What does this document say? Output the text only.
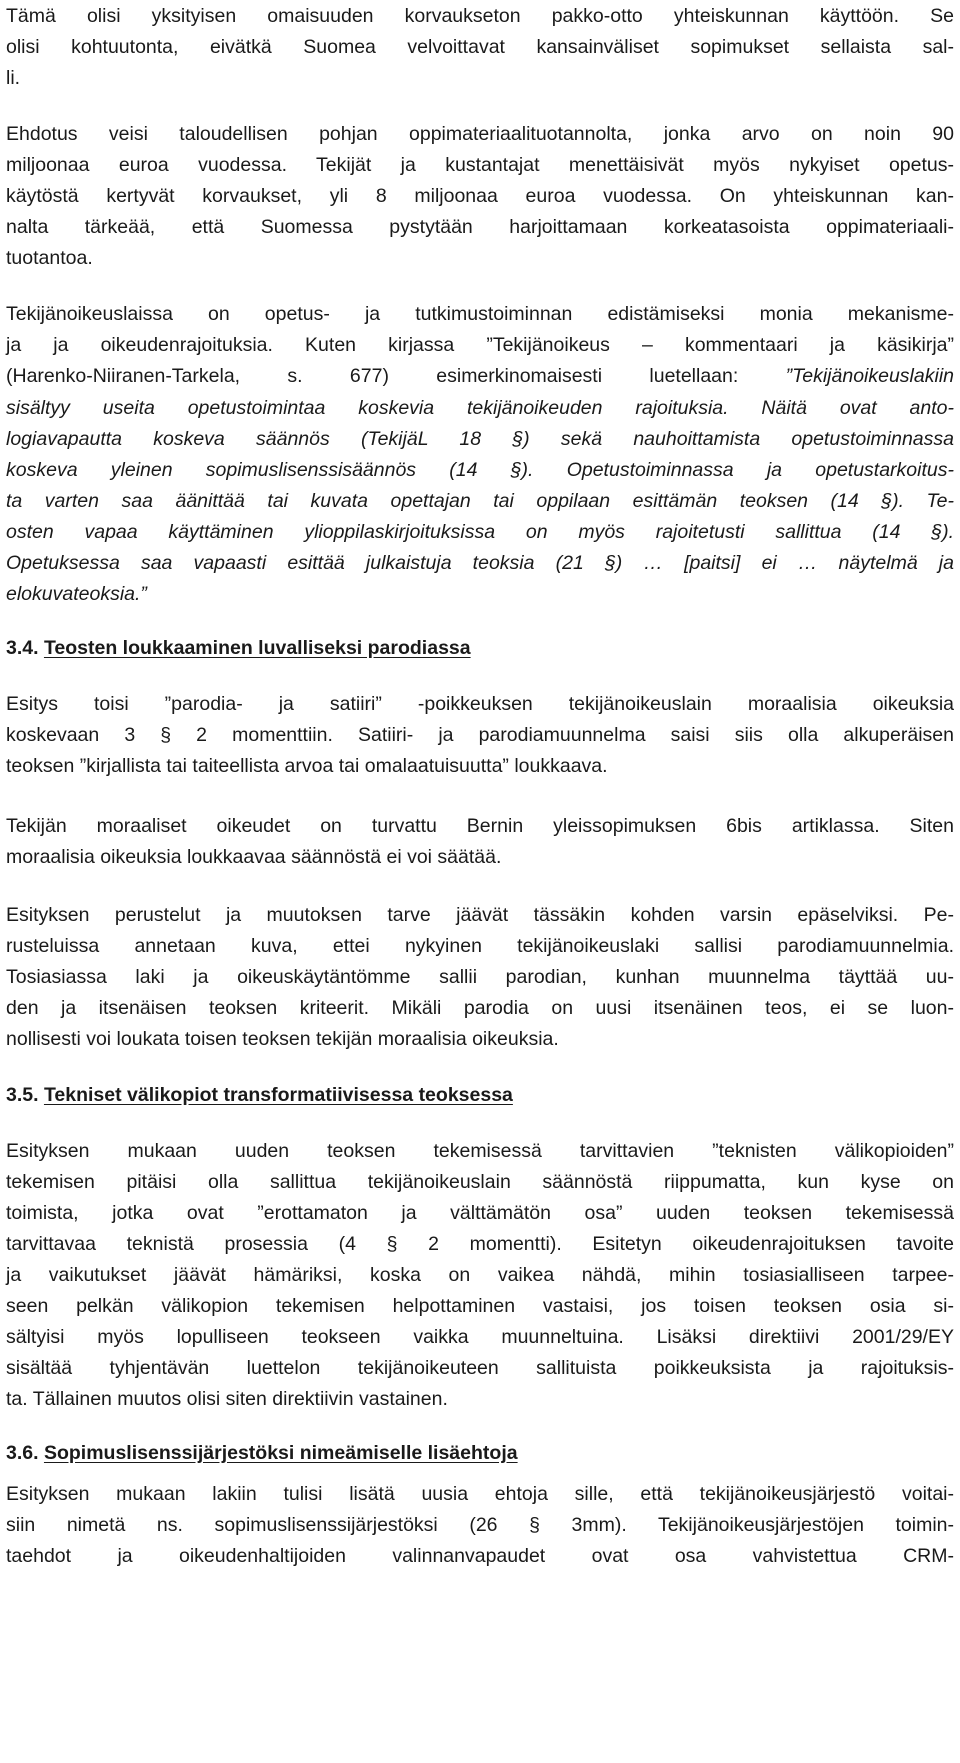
Tämä olisi yksityisen omaisuuden korvaukseton pakko-otto yhteiskunnan käyttöön. Se
olisi kohtuutonta, eivätkä Suomea velvoittavat kansainväliset sopimukset sellaista sal-
li.
Ehdotus veisi taloudellisen pohjan oppimateriaalituotannolta, jonka arvo on noin 90
miljoonaa euroa vuodessa. Tekijät ja kustantajat menettäisivät myös nykyiset opetus-
käytöstä kertyvät korvaukset, yli 8 miljoonaa euroa vuodessa. On yhteiskunnan kan-
nalta tärkeää, että Suomessa pystytään harjoittamaan korkeatasoista oppimateriaali-
tuotantoa.
Tekijänoikeuslaissa on opetus- ja tutkimustoiminnan edistämiseksi monia mekanisme-
ja ja oikeudenrajoituksia. Kuten kirjassa ”Tekijänoikeus – kommentaari ja käsikirja”
(Harenko-Niiranen-Tarkela, s. 677) esimerkinomaisesti luetellaan: ”Tekijänoikeuslakiin
sisältyy useita opetustoimintaa koskevia tekijänoikeuden rajoituksia. Näitä ovat anto-
logiavapautta koskeva säännös (TekijäL 18 §) sekä nauhoittamista opetustoiminnassa
koskeva yleinen sopimuslisenssisäännös (14 §). Opetustoiminnassa ja opetustarkoitus-
ta varten saa äänittää tai kuvata opettajan tai oppilaan esittämän teoksen (14 §). Te-
osten vapaa käyttäminen ylioppilaskirjoituksissa on myös rajoitetusti sallittua (14 §).
Opetuksessa saa vapaasti esittää julkaistuja teoksia (21 §) … [paitsi] ei … näytelmä ja
elokuvateoksia.”
3.4. Teosten loukkaaminen luvalliseksi parodiassa
Esitys toisi ”parodia- ja satiiri” -poikkeuksen tekijänoikeuslain moraalisia oikeuksia
koskevaan 3 § 2 momenttiin. Satiiri- ja parodiamuunnelma saisi siis olla alkuperäisen
teoksen ”kirjallista tai taiteellista arvoa tai omalaatuisuutta” loukkaava.
Tekijän moraaliset oikeudet on turvattu Bernin yleissopimuksen 6bis artiklassa. Siten
moraalisia oikeuksia loukkaavaa säännöstä ei voi säätää.
Esityksen perustelut ja muutoksen tarve jäävät tässäkin kohden varsin epäselviksi. Pe-
rusteluissa annetaan kuva, ettei nykyinen tekijänoikeuslaki sallisi parodiamuunnelmia.
Tosiasiassa laki ja oikeuskäytäntömme sallii parodian, kunhan muunnelma täyttää uu-
den ja itsenäisen teoksen kriteerit. Mikäli parodia on uusi itsenäinen teos, ei se luon-
nollisesti voi loukata toisen teoksen tekijän moraalisia oikeuksia.
3.5. Tekniset välikopiot transformatiivisessa teoksessa
Esityksen mukaan uuden teoksen tekemisessä tarvittavien ”teknisten välikopioiden”
tekemisen pitäisi olla sallittua tekijänoikeuslain säännöstä riippumatta, kun kyse on
toimista, jotka ovat ”erottamaton ja välttämätön osa” uuden teoksen tekemisessä
tarvittavaa teknistä prosessia (4 § 2 momentti). Esitetyn oikeudenrajoituksen tavoite
ja vaikutukset jäävät hämäriksi, koska on vaikea nähdä, mihin tosiasialliseen tarpee-
seen pelkän välikopion tekemisen helpottaminen vastaisi, jos toisen teoksen osia si-
sältyisi myös lopulliseen teokseen vaikka muunneltuina. Lisäksi direktiivi 2001/29/EY
sisältää tyhjentävän luettelon tekijänoikeuteen sallituista poikkeuksista ja rajoituksis-
ta. Tällainen muutos olisi siten direktiivin vastainen.
3.6. Sopimuslisenssijärjestöksi nimeämiselle lisäehtoja
Esityksen mukaan lakiin tulisi lisätä uusia ehtoja sille, että tekijänoikeusjärjestö voitai-
siin nimetä ns. sopimuslisenssijärjestöksi (26 § 3mm). Tekijänoikeusjärjestöjen toimin-
taehdot ja oikeudenhaltijoiden valinnanvapaudet ovat osa vahvistettua CRM-
